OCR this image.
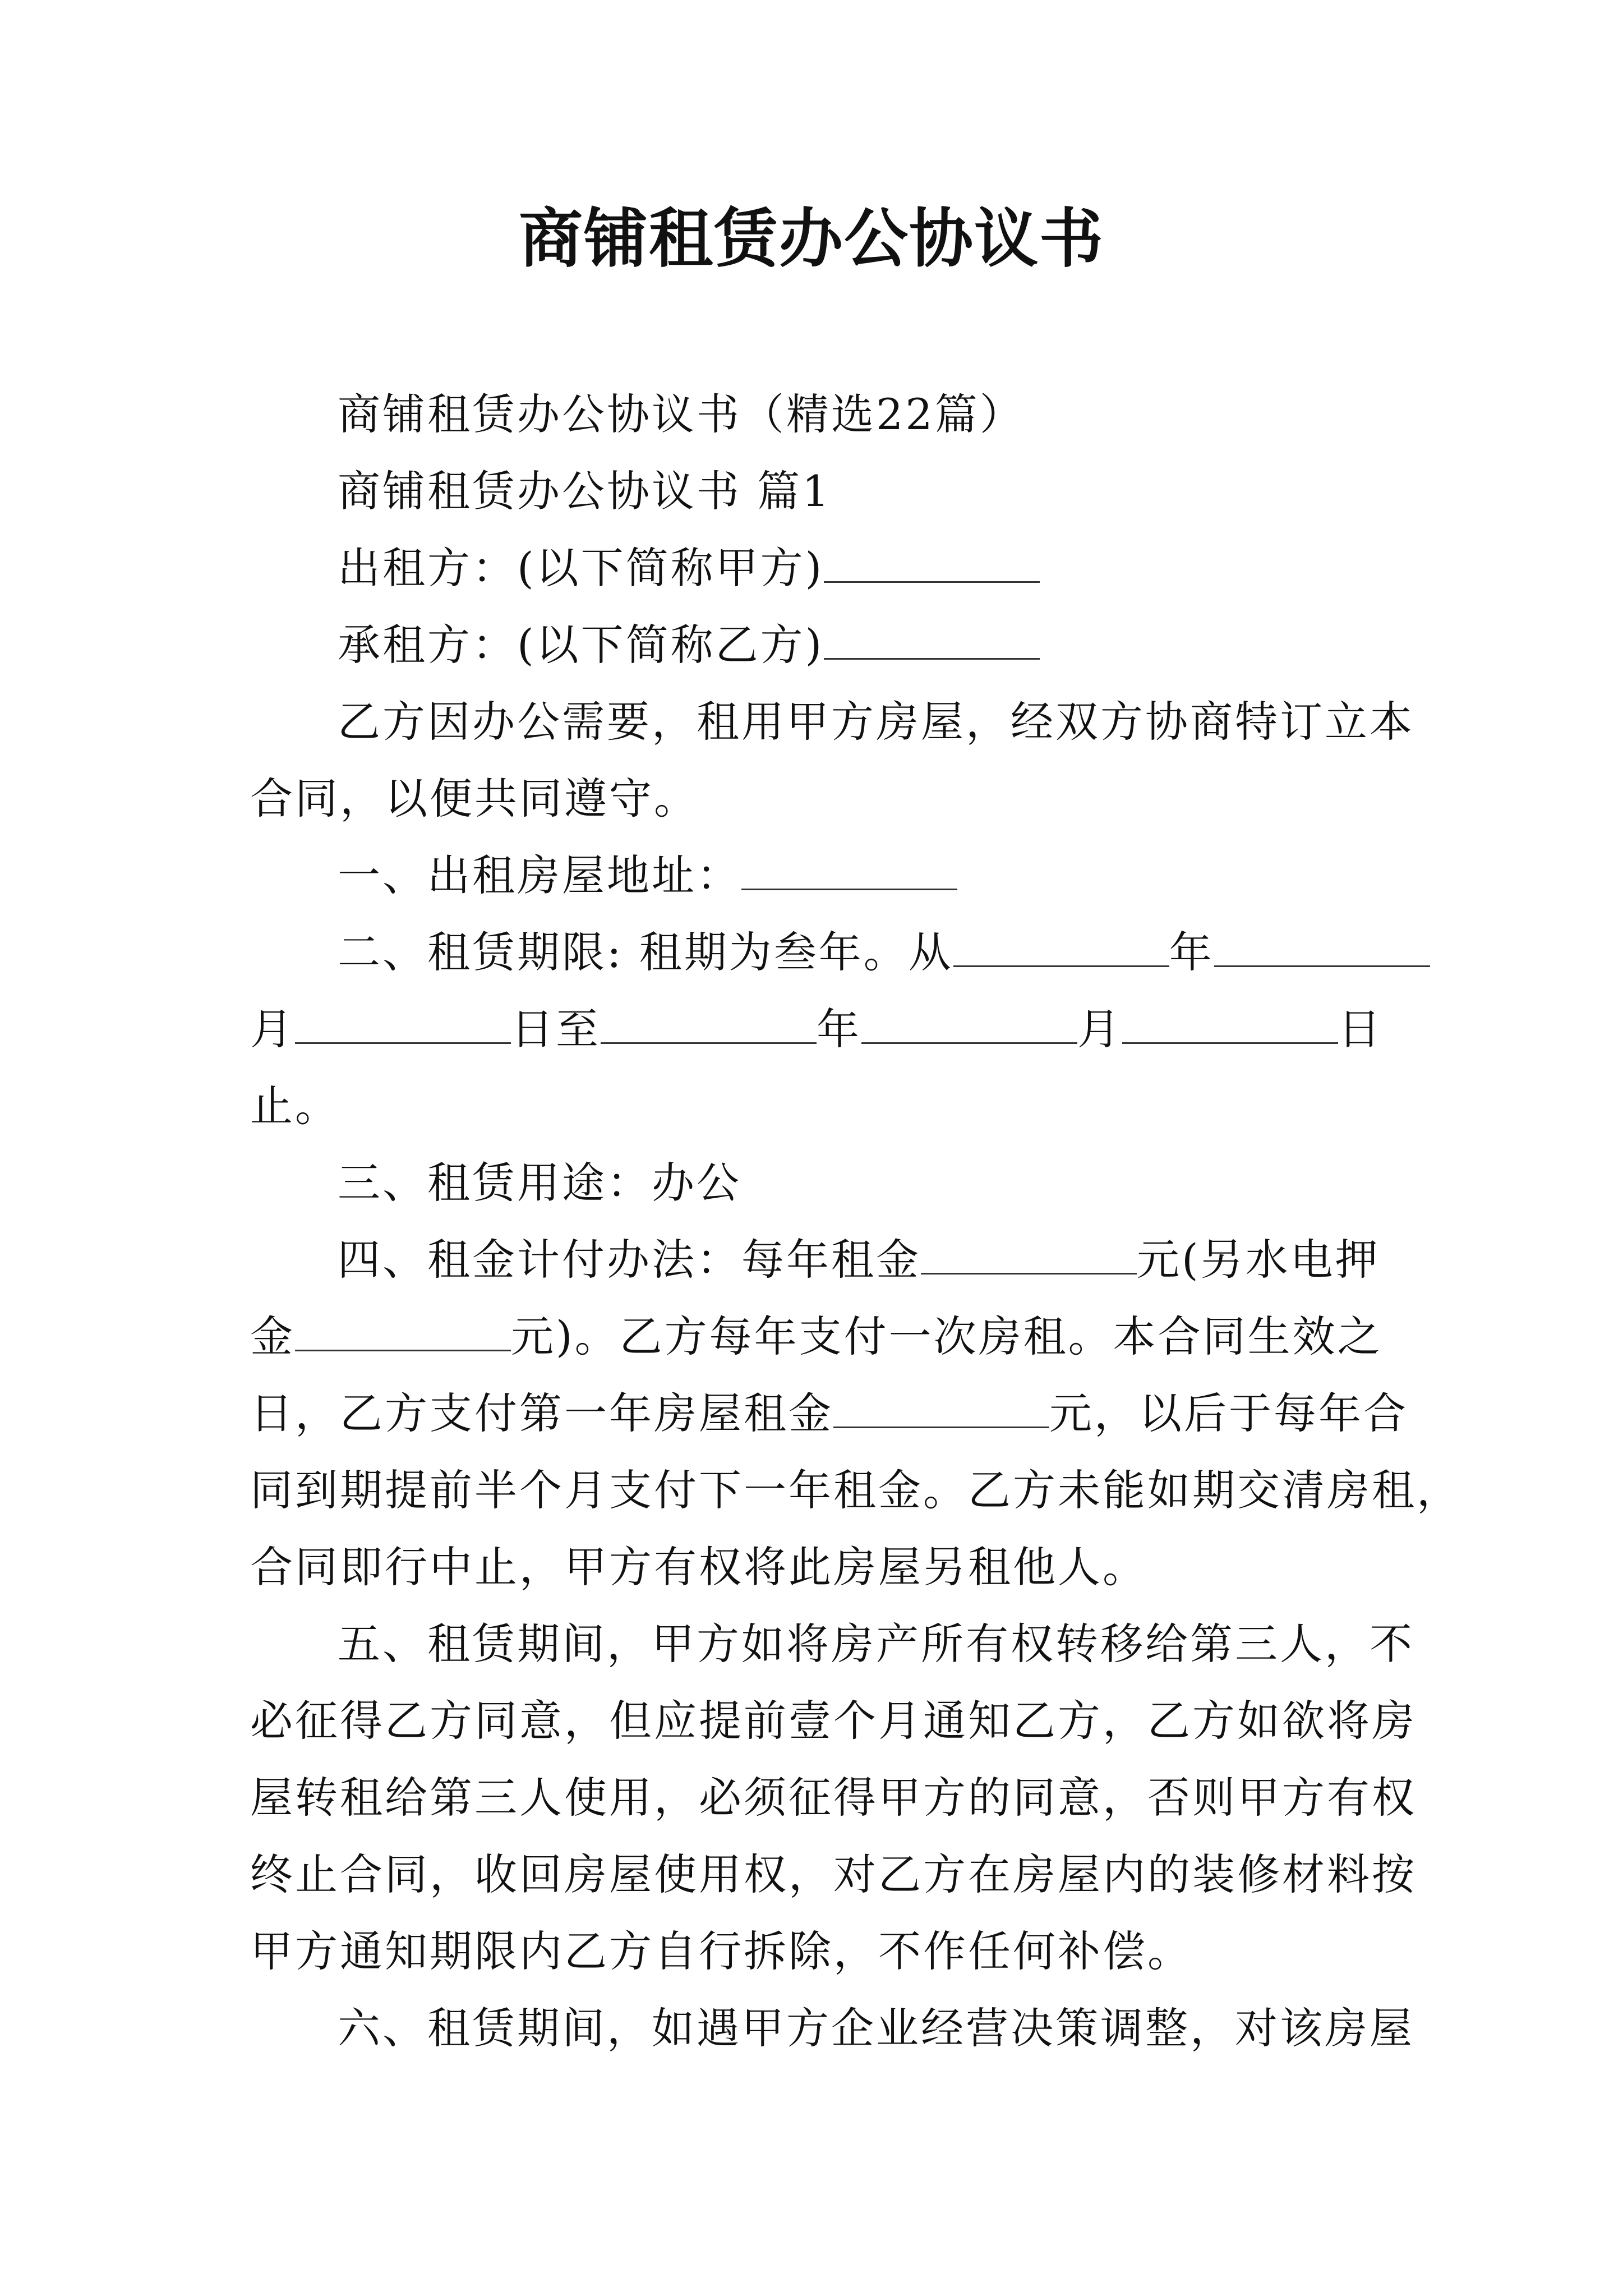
商铺租赁办公协议书

商铺租赁办公协议书（精选22篇）

商铺租赁办公协议书 篇1

出租方：(以下简称甲方)

承租方：(以下简称乙方)

乙方因办公需要，租用甲方房屋，经双方协商特订立本

合同，以便共同遵守。

一、出租房屋地址：

二、租赁期限: 租期为叁年。从	年

月	日至	年	月	日

止。

三、租赁用途：办公

四、租金计付办法：每年租金	元(另水电押

金	元)。乙方每年支付一次房租。本合同生效之

日，乙方支付第一年房屋租金	元，以后于每年合

同到期提前半个月支付下一年租金。乙方未能如期交清房租，

合同即行中止，甲方有权将此房屋另租他人。

五、租赁期间，甲方如将房产所有权转移给第三人，不

必征得乙方同意，但应提前壹个月通知乙方，乙方如欲将房

屋转租给第三人使用，必须征得甲方的同意，否则甲方有权

终止合同，收回房屋使用权，对乙方在房屋内的装修材料按

甲方通知期限内乙方自行拆除，不作任何补偿。

六、租赁期间，如遇甲方企业经营决策调整，对该房屋
